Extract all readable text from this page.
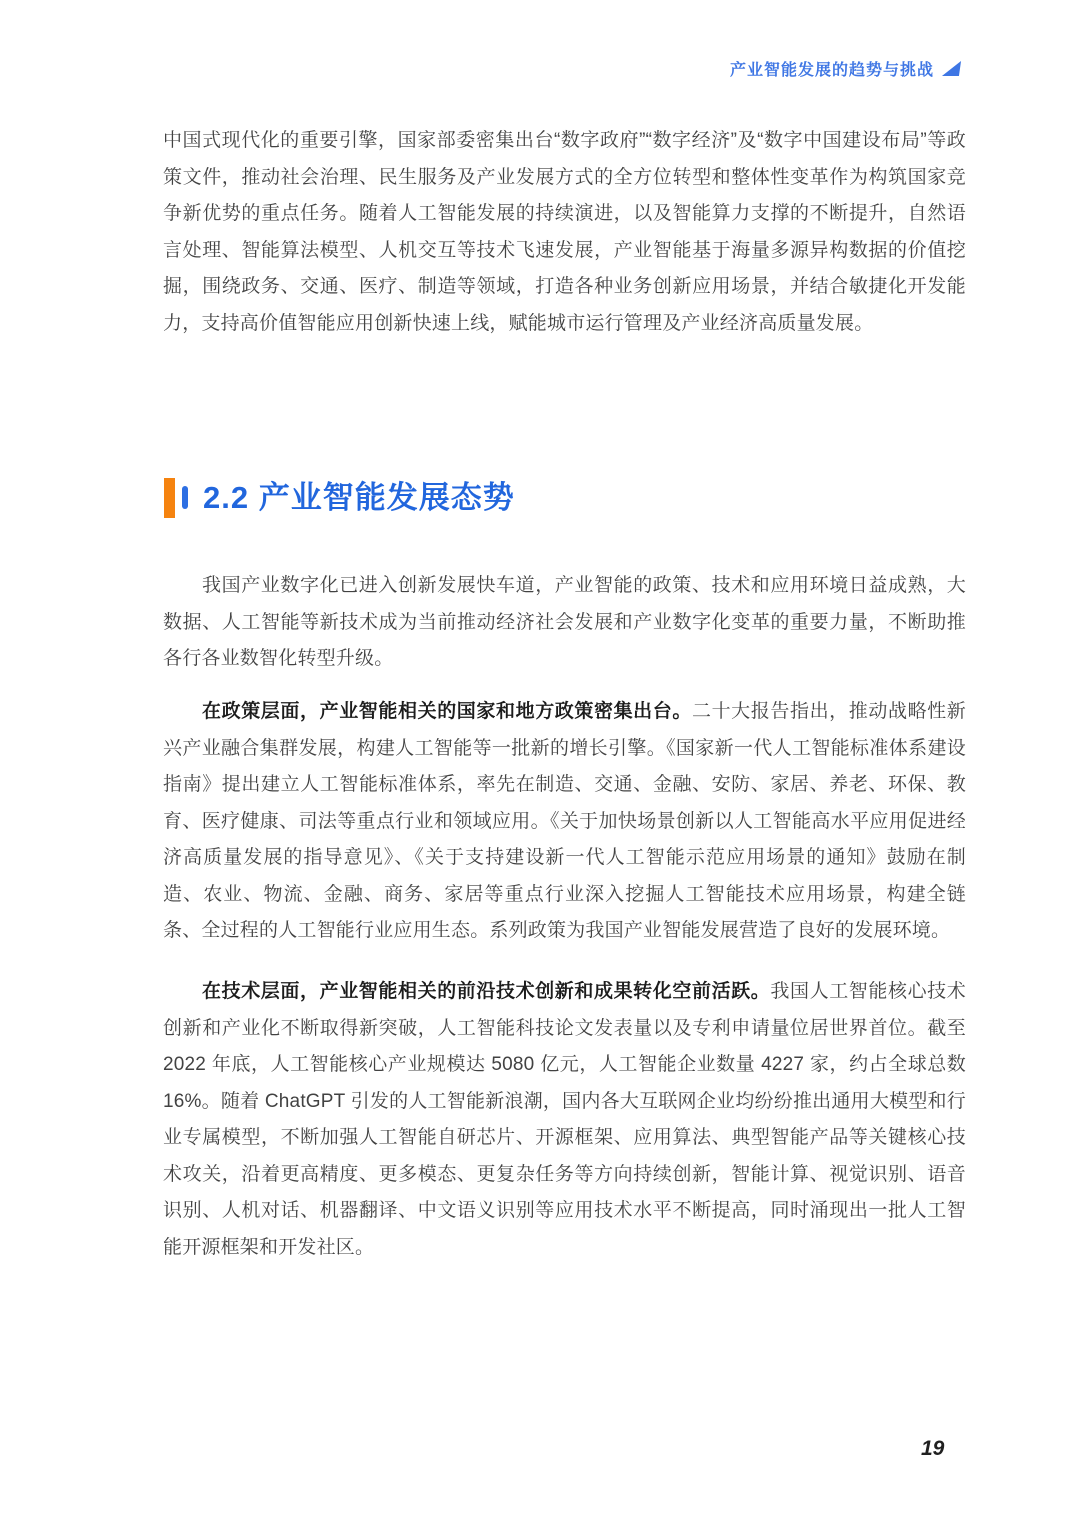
产业智能发展的趋势与挑战

中国式现代化的重要引擎，国家部委密集出台“数字政府”“数字经济”及“数字中国建设布局”等政策文件，推动社会治理、民生服务及产业发展方式的全方位转型和整体性变革作为构筑国家竞争新优势的重点任务。随着人工智能发展的持续演进，以及智能算力支撑的不断提升，自然语言处理、智能算法模型、人机交互等技术飞速发展，产业智能基于海量多源异构数据的价值挖掘，围绕政务、交通、医疗、制造等领域，打造各种业务创新应用场景，并结合敏捷化开发能力，支持高价值智能应用创新快速上线，赋能城市运行管理及产业经济高质量发展。

2.2 产业智能发展态势

我国产业数字化已进入创新发展快车道，产业智能的政策、技术和应用环境日益成熟，大数据、人工智能等新技术成为当前推动经济社会发展和产业数字化变革的重要力量，不断助推各行各业数智化转型升级。

在政策层面，产业智能相关的国家和地方政策密集出台。二十大报告指出，推动战略性新兴产业融合集群发展，构建人工智能等一批新的增长引擎。《国家新一代人工智能标准体系建设指南》提出建立人工智能标准体系，率先在制造、交通、金融、安防、家居、养老、环保、教育、医疗健康、司法等重点行业和领域应用。《关于加快场景创新以人工智能高水平应用促进经济高质量发展的指导意见》、《关于支持建设新一代人工智能示范应用场景的通知》鼓励在制造、农业、物流、金融、商务、家居等重点行业深入挖掘人工智能技术应用场景，构建全链条、全过程的人工智能行业应用生态。系列政策为我国产业智能发展营造了良好的发展环境。

在技术层面，产业智能相关的前沿技术创新和成果转化空前活跃。我国人工智能核心技术创新和产业化不断取得新突破，人工智能科技论文发表量以及专利申请量位居世界首位。截至 2022 年底，人工智能核心产业规模达 5080 亿元，人工智能企业数量 4227 家，约占全球总数 16%。随着 ChatGPT 引发的人工智能新浪潮，国内各大互联网企业均纷纷推出通用大模型和行业专属模型，不断加强人工智能自研芯片、开源框架、应用算法、典型智能产品等关键核心技术攻关，沿着更高精度、更多模态、更复杂任务等方向持续创新，智能计算、视觉识别、语音识别、人机对话、机器翻译、中文语义识别等应用技术水平不断提高，同时涌现出一批人工智能开源框架和开发社区。

19
